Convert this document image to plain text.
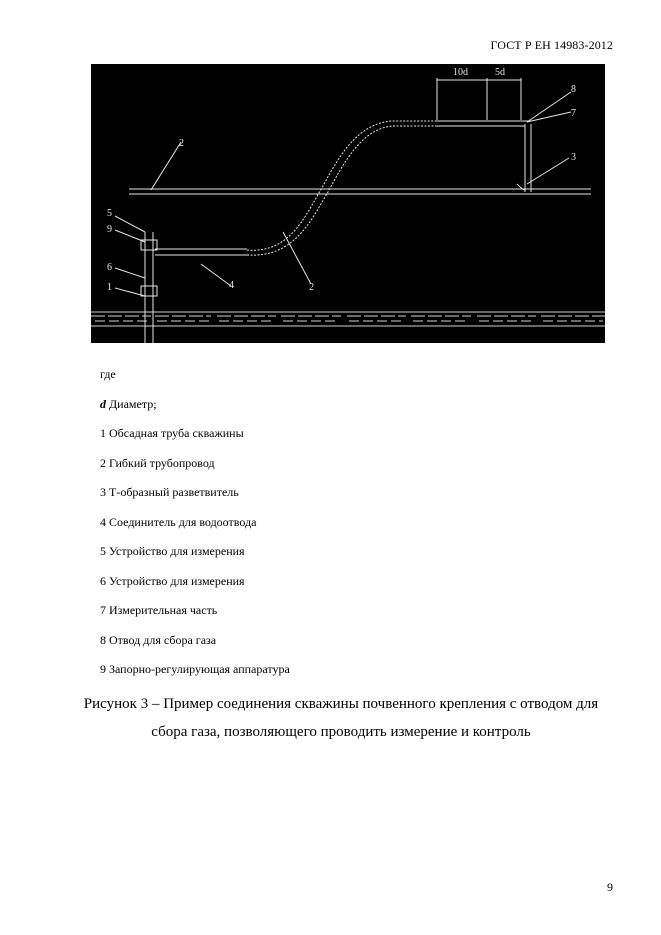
ГОСТ Р ЕН 14983-2012
10d	5d
2
8
7
3
2
4
5
9
6
1
где
d Диаметр;
1 Обсадная труба скважины
2 Гибкий трубопровод
3 Т-образный разветвитель
4 Соединитель для водоотвода
5 Устройство для измерения
6 Устройство для измерения
7 Измерительная часть
8 Отвод для сбора газа
9 Запорно-регулирующая аппаратура
Рисунок 3 – Пример соединения скважины почвенного крепления с отводом для
сбора газа, позволяющего проводить измерение и контроль
9
